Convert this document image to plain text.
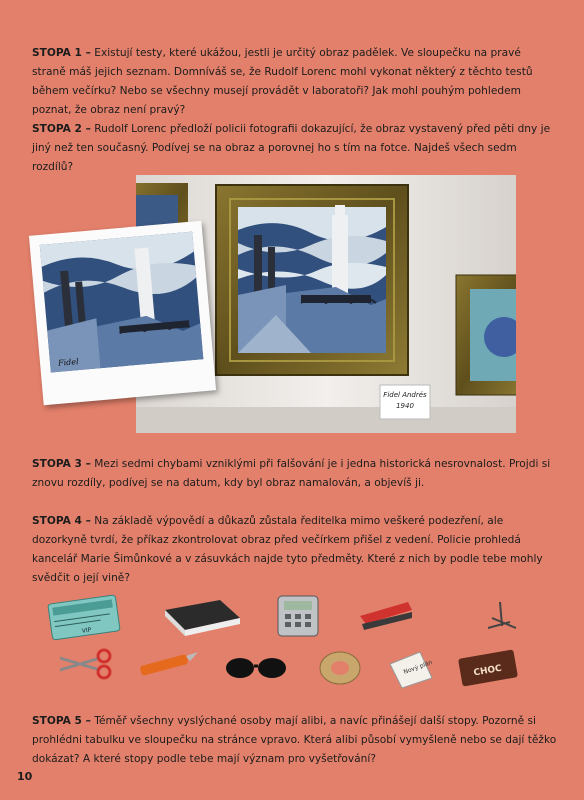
STOPA 1 – Existují testy, které ukážou, jestli je určitý obraz padělek. Ve sloupečku na pravé straně máš jejich seznam. Domníváš se, že Rudolf Lorenc mohl vykonat některý z těchto testů během večírku? Nebo se všechny musejí provádět v laboratoři? Jak mohl pouhým pohledem poznat, že obraz není pravý?

STOPA 2 – Rudolf Lorenc předloží policii fotografii dokazující, že obraz vystavený před pěti dny je jiný než ten současný. Podívej se na obraz a porovnej ho s tím na fotce. Najdeš všech sedm rozdílů?

Fidel Andrés
1940
Fidel

STOPA 3 – Mezi sedmi chybami vzniklými při falšování je i jedna historická nesrovnalost. Projdi si znovu rozdíly, podívej se na datum, kdy byl obraz namalován, a objevíš ji.

STOPA 4 – Na základě výpovědí a důkazů zůstala ředitelka mimo veškeré podezření, ale dozorkyně tvrdí, že příkaz zkontrolovat obraz před večírkem přišel z vedení. Policie prohledá kancelář Marie Šimůnkové a v zásuvkách najde tyto předměty. Které z nich by podle tebe mohly svědčit o její vině?

VIP
Nový plán	CHOC

STOPA 5 – Téměř všechny vyslýchané osoby mají alibi, a navíc přinášejí další stopy. Pozorně si prohlédni tabulku ve sloupečku na stránce vpravo. Která alibi působí vymyšleně nebo se dají těžko dokázat? A které stopy podle tebe mají význam pro vyšetřování?

10
